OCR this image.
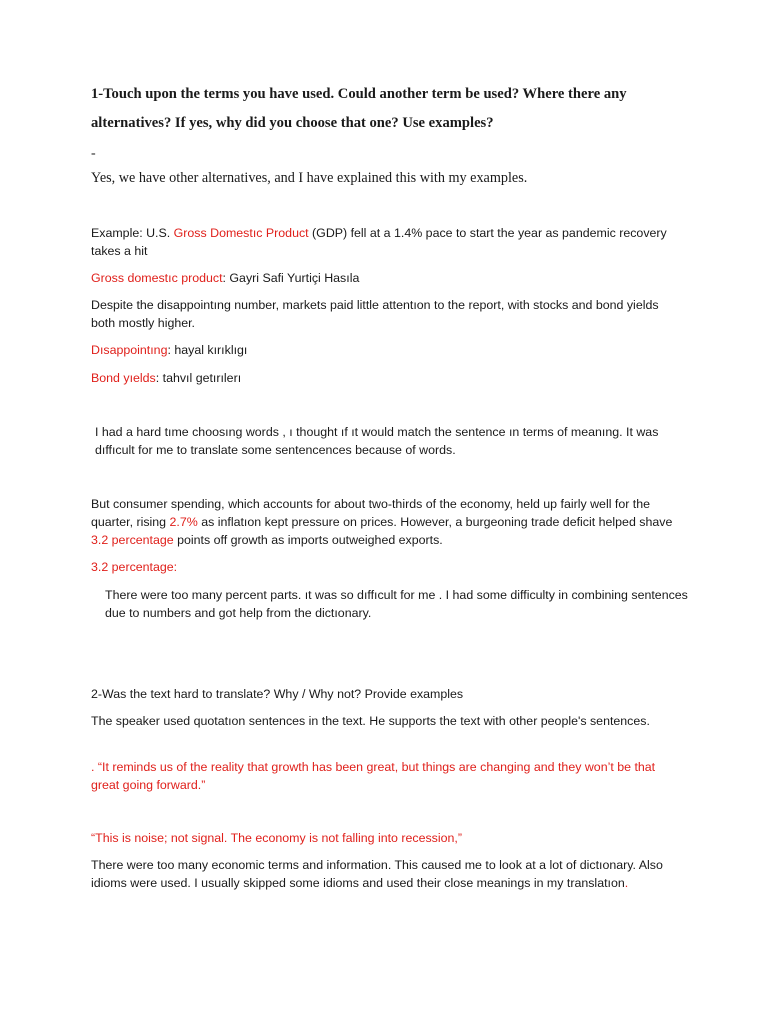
1-Touch upon the terms you have used. Could another term be used? Where there any alternatives? If yes, why did you choose that one? Use examples?

-

Yes, we have other alternatives, and I have explained this with my examples.

Example: U.S. Gross Domestıc Product (GDP) fell at a 1.4% pace to start the year as pandemic recovery takes a hit

Gross domestıc product: Gayri Safi Yurtiçi Hasıla

Despite the disappointıng number, markets paid little attentıon to the report, with stocks and bond yields both mostly higher.

Dısappointıng: hayal kırıklıgı

Bond yıelds: tahvıl getırılerı

I had a hard tıme choosıng words , ı thought ıf ıt would match the sentence ın terms of meanıng. It was dıffıcult for me to translate some sentencences because of words.

But consumer spending, which accounts for about two-thirds of the economy, held up fairly well for the quarter, rising 2.7% as inflatıon kept pressure on prices. However, a burgeoning trade deficit helped shave 3.2 percentage points off growth as imports outweighed exports.

3.2 percentage:

There were too many percent parts. ıt was so dıffıcult for me . I had some difficulty in combining sentences due to numbers and got help from the dictıonary.

2-Was the text hard to translate? Why / Why not? Provide examples

The speaker used quotatıon sentences in the text. He supports the text with other people's sentences.

. “It reminds us of the reality that growth has been great, but things are changing and they won’t be that great going forward.”

“This is noise; not signal. The economy is not falling into recession,”

There were too many economic terms and information. This caused me to look at a lot of dictıonary. Also idioms were used. I usually skipped some idioms and used their close meanings in my translatıon.
